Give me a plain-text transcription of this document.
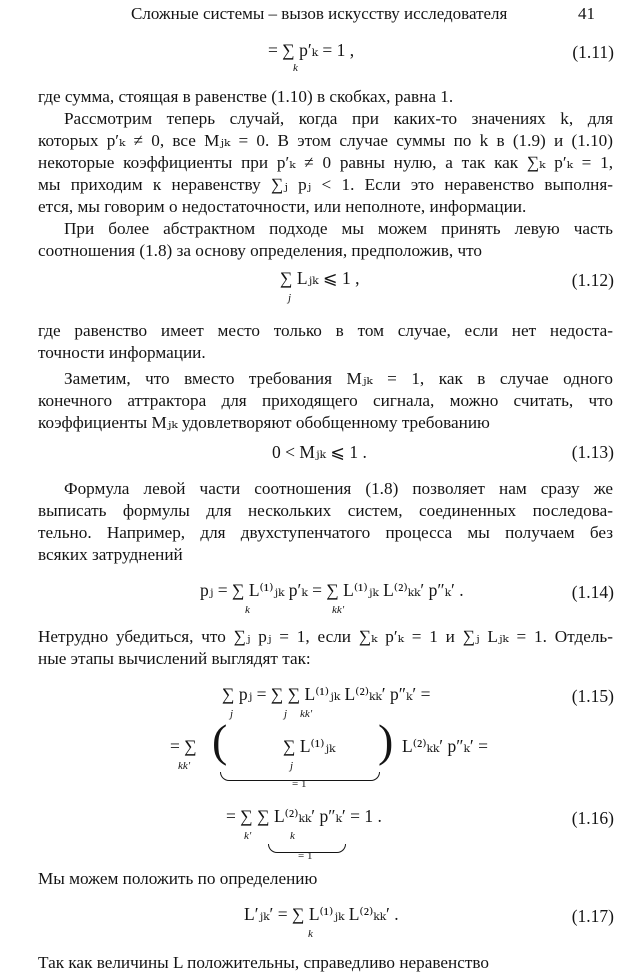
Сложные системы – вызов искусству исследователя	41
= ∑ p′ₖ = 1 ,
k
(1.11)
где сумма, стоящая в равенстве (1.10) в скобках, равна 1.
Рассмотрим теперь случай, когда при каких-то значениях k, для
которых p′ₖ ≠ 0, все Mⱼₖ = 0. В этом случае суммы по k в (1.9) и (1.10)
некоторые коэффициенты при p′ₖ ≠ 0 равны нулю, а так как ∑ₖ p′ₖ = 1,
мы приходим к неравенству ∑ⱼ pⱼ < 1. Если это неравенство выполня-
ется, мы говорим о недостаточности, или неполноте, информации.
При более абстрактном подходе мы можем принять левую часть
соотношения (1.8) за основу определения, предположив, что
∑ Lⱼₖ ⩽ 1 ,
j
(1.12)
где равенство имеет место только в том случае, если нет недоста-
точности информации.
Заметим, что вместо требования Mⱼₖ = 1, как в случае одного
конечного аттрактора для приходящего сигнала, можно считать, что
коэффициенты Mⱼₖ удовлетворяют обобщенному требованию
0 < Mⱼₖ ⩽ 1 .	(1.13)
Формула левой части соотношения (1.8) позволяет нам сразу же
выписать формулы для нескольких систем, соединенных последова-
тельно. Например, для двухступенчатого процесса мы получаем без
всяких затруднений
pⱼ = ∑ L⁽¹⁾ⱼₖ p′ₖ = ∑ L⁽¹⁾ⱼₖ L⁽²⁾ₖₖ′ p″ₖ′ .
k	kk′
(1.14)
Нетрудно убедиться, что ∑ⱼ pⱼ = 1, если ∑ₖ p′ₖ = 1 и ∑ⱼ Lⱼₖ = 1. Отдель-
ные этапы вычислений выглядят так:
∑ pⱼ = ∑ ∑ L⁽¹⁾ⱼₖ L⁽²⁾ₖₖ′ p″ₖ′ =
j	j kk′
(1.15)
= ∑
kk′ (	∑ L⁽¹⁾ⱼₖ
j ) L⁽²⁾ₖₖ′ p″ₖ′ =
= 1
= ∑ ∑ L⁽²⁾ₖₖ′ p″ₖ′ = 1 .
k′	k
(1.16)
= 1
Мы можем положить по определению
L′ⱼₖ′ = ∑ L⁽¹⁾ⱼₖ L⁽²⁾ₖₖ′ .
k
(1.17)
Так как величины L положительны, справедливо неравенство
